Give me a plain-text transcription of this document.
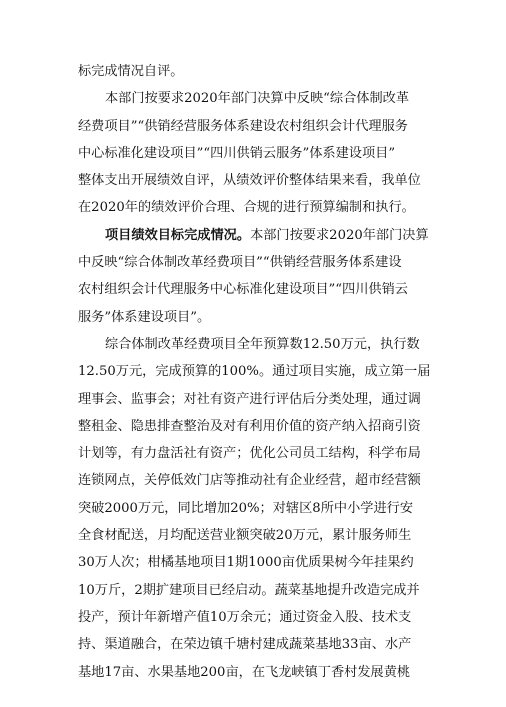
标完成情况自评。
本部门按要求2020年部门决算中反映“综合体制改革
经费项目”“供销经营服务体系建设农村组织会计代理服务
中心标准化建设项目”“四川供销云服务”体系建设项目”
整体支出开展绩效自评，从绩效评价整体结果来看，我单位
在2020年的绩效评价合理、合规的进行预算编制和执行。
项目绩效目标完成情况。本部门按要求2020年部门决算
中反映“综合体制改革经费项目”“供销经营服务体系建设
农村组织会计代理服务中心标准化建设项目”“四川供销云
服务”体系建设项目”。
综合体制改革经费项目全年预算数12.50万元，执行数
12.50万元，完成预算的100%。通过项目实施，成立第一届
理事会、监事会；对社有资产进行评估后分类处理，通过调
整租金、隐患排查整治及对有利用价值的资产纳入招商引资
计划等，有力盘活社有资产；优化公司员工结构，科学布局
连锁网点，关停低效门店等推动社有企业经营，超市经营额
突破2000万元，同比增加20%；对辖区8所中小学进行安
全食材配送，月均配送营业额突破20万元，累计服务师生
30万人次；柑橘基地项目1期1000亩优质果树今年挂果约
10万斤，2期扩建项目已经启动。蔬菜基地提升改造完成并
投产，预计年新增产值10万余元；通过资金入股、技术支
持、渠道融合，在荣边镇千塘村建成蔬菜基地33亩、水产
基地17亩、水果基地200亩，在飞龙峡镇丁香村发展黄桃
